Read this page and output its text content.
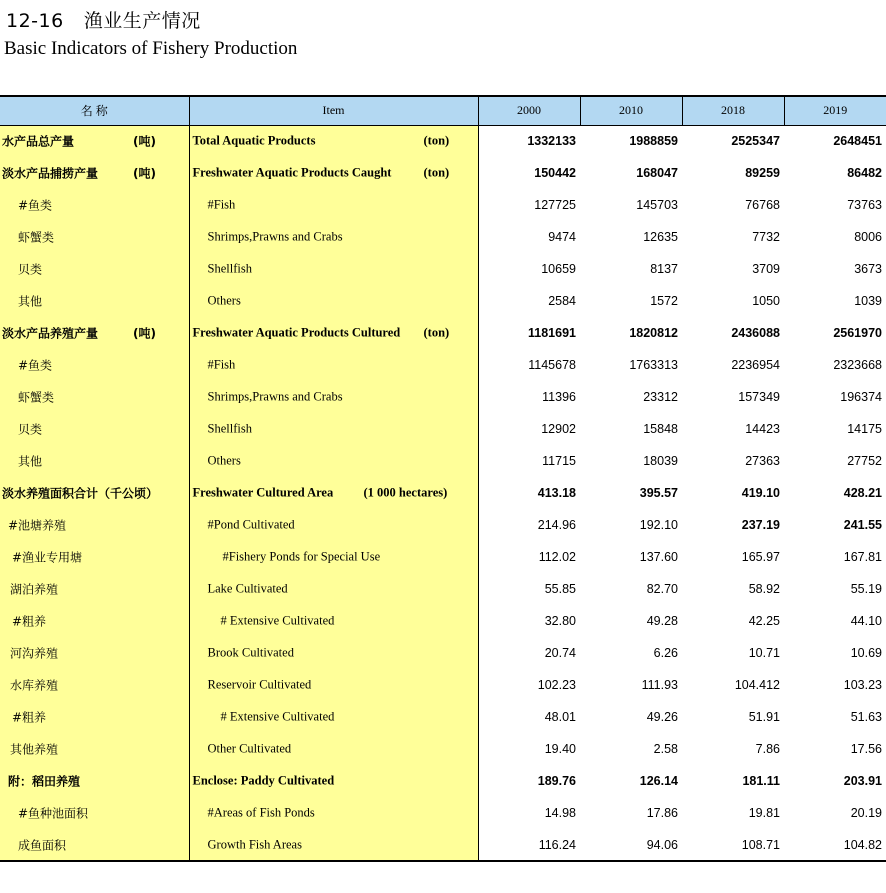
12-16 渔业生产情况
Basic Indicators of Fishery Production
名 称	Item	2000	2010	2018	2019

水产品总产量 (吨)	Total Aquatic Products (ton)	1332133	1988859	2525347	2648451

淡水产品捕捞产量 (吨)	Freshwater Aquatic Products Caught (ton)	150442	168047	89259	86482

#鱼类	#Fish	127725	145703	76768	73763

虾蟹类	Shrimps,Prawns and Crabs	9474	12635	7732	8006

贝类	Shellfish	10659	8137	3709	3673

其他	Others	2584	1572	1050	1039

淡水产品养殖产量 (吨)	Freshwater Aquatic Products Cultured (ton)	1181691	1820812	2436088	2561970

#鱼类	#Fish	1145678	1763313	2236954	2323668

虾蟹类	Shrimps,Prawns and Crabs	11396	23312	157349	196374

贝类	Shellfish	12902	15848	14423	14175

其他	Others	11715	18039	27363	27752

淡水养殖面积合计（千公顷）	Freshwater Cultured Area (1 000 hectares)	413.18	395.57	419.10	428.21

#池塘养殖	#Pond Cultivated	214.96	192.10	237.19	241.55

#渔业专用塘	#Fishery Ponds for Special Use	112.02	137.60	165.97	167.81

湖泊养殖	Lake Cultivated	55.85	82.70	58.92	55.19

#粗养	# Extensive Cultivated	32.80	49.28	42.25	44.10

河沟养殖	Brook Cultivated	20.74	6.26	10.71	10.69

水库养殖	Reservoir Cultivated	102.23	111.93	104.412	103.23

#粗养	# Extensive Cultivated	48.01	49.26	51.91	51.63

其他养殖	Other Cultivated	19.40	2.58	7.86	17.56

附：稻田养殖	Enclose: Paddy Cultivated	189.76	126.14	181.11	203.91

#鱼种池面积	#Areas of Fish Ponds	14.98	17.86	19.81	20.19

成鱼面积	Growth Fish Areas	116.24	94.06	108.71	104.82
